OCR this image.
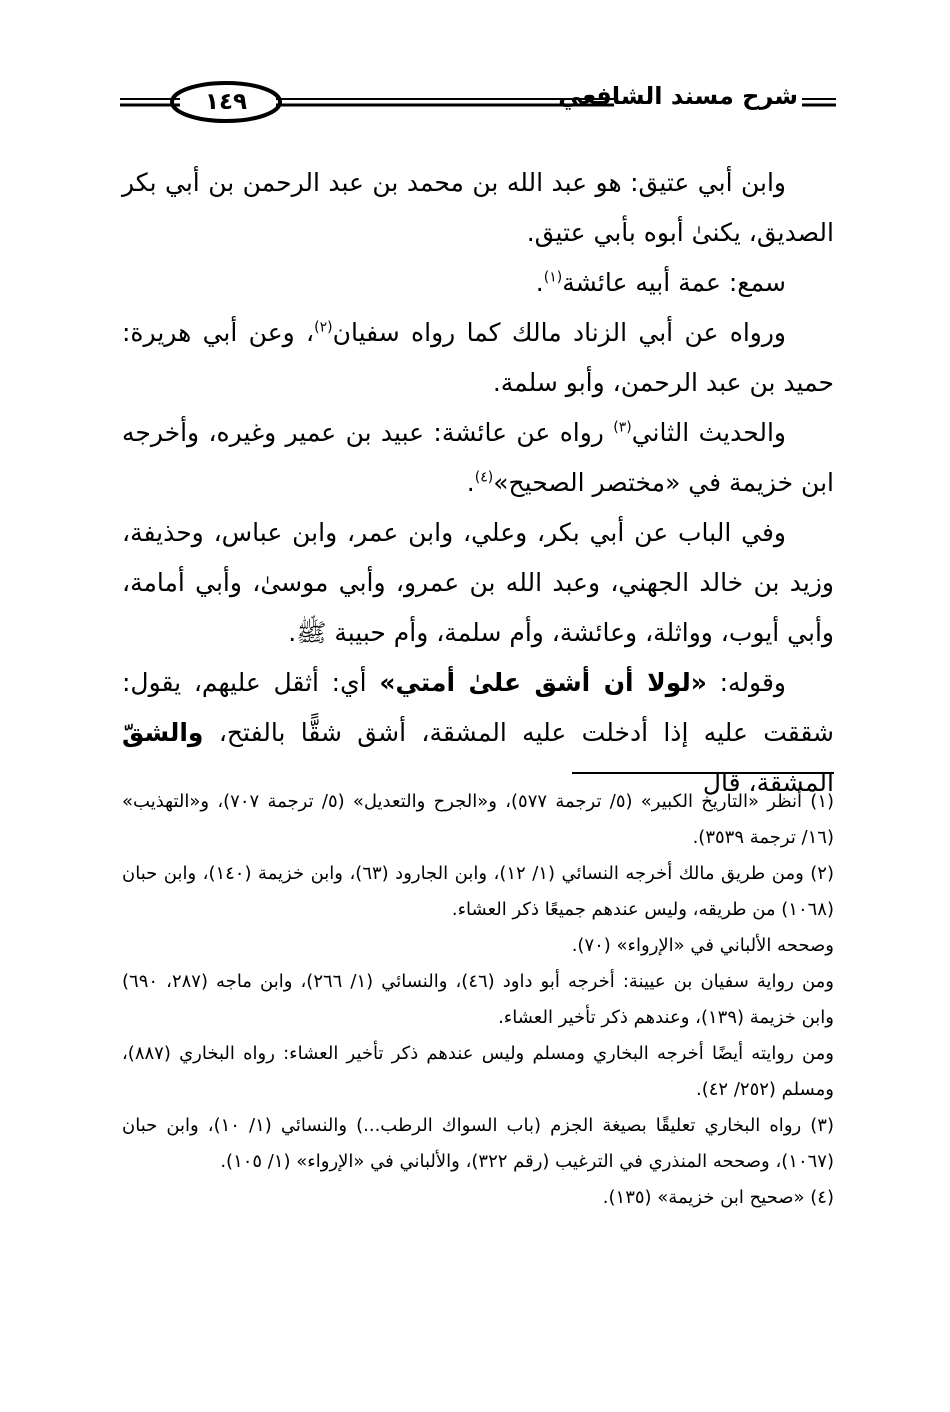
١٤٩	شرح مسند الشافعي

وابن أبي عتيق: هو عبد الله بن محمد بن عبد الرحمن بن أبي بكر الصديق، يكنىٰ أبوه بأبي عتيق.

سمع: عمة أبيه عائشة$^{(١)}$.

ورواه عن أبي الزناد مالك كما رواه سفيان$^{(٢)}$، وعن أبي هريرة: حميد بن عبد الرحمن، وأبو سلمة.

والحديث الثاني$^{(٣)}$ رواه عن عائشة: عبيد بن عمير وغيره، وأخرجه ابن خزيمة في «مختصر الصحيح»$^{(٤)}$.

وفي الباب عن أبي بكر، وعلي، وابن عمر، وابن عباس، وحذيفة، وزيد بن خالد الجهني، وعبد الله بن عمرو، وأبي موسىٰ، وأبي أمامة، وأبي أيوب، وواثلة، وعائشة، وأم سلمة، وأم حبيبة ﷺ.

وقوله: «لولا أن أشق علىٰ أمتي» أي: أثقل عليهم، يقول: شققت عليه إذا أدخلت عليه المشقة، أشق شقًّا بالفتح، والشقّ المشقة، قال

(١) أنظر «التاريخ الكبير» (٥/ ترجمة ٥٧٧)، و«الجرح والتعديل» (٥/ ترجمة ٧٠٧)، و«التهذيب» (١٦/ ترجمة ٣٥٣٩).

(٢) ومن طريق مالك أخرجه النسائي (١/ ١٢)، وابن الجارود (٦٣)، وابن خزيمة (١٤٠)، وابن حبان (١٠٦٨) من طريقه، وليس عندهم جميعًا ذكر العشاء.

وصححه الألباني في «الإرواء» (٧٠).

ومن رواية سفيان بن عيينة: أخرجه أبو داود (٤٦)، والنسائي (١/ ٢٦٦)، وابن ماجه (٢٨٧، ٦٩٠) وابن خزيمة (١٣٩)، وعندهم ذكر تأخير العشاء.

ومن روايته أيضًا أخرجه البخاري ومسلم وليس عندهم ذكر تأخير العشاء: رواه البخاري (٨٨٧)، ومسلم (٢٥٢/ ٤٢).

(٣) رواه البخاري تعليقًا بصيغة الجزم (باب السواك الرطب...) والنسائي (١/ ١٠)، وابن حبان (١٠٦٧)، وصححه المنذري في الترغيب (رقم ٣٢٢)، والألباني في «الإرواء» (١/ ١٠٥).

(٤) «صحيح ابن خزيمة» (١٣٥).
